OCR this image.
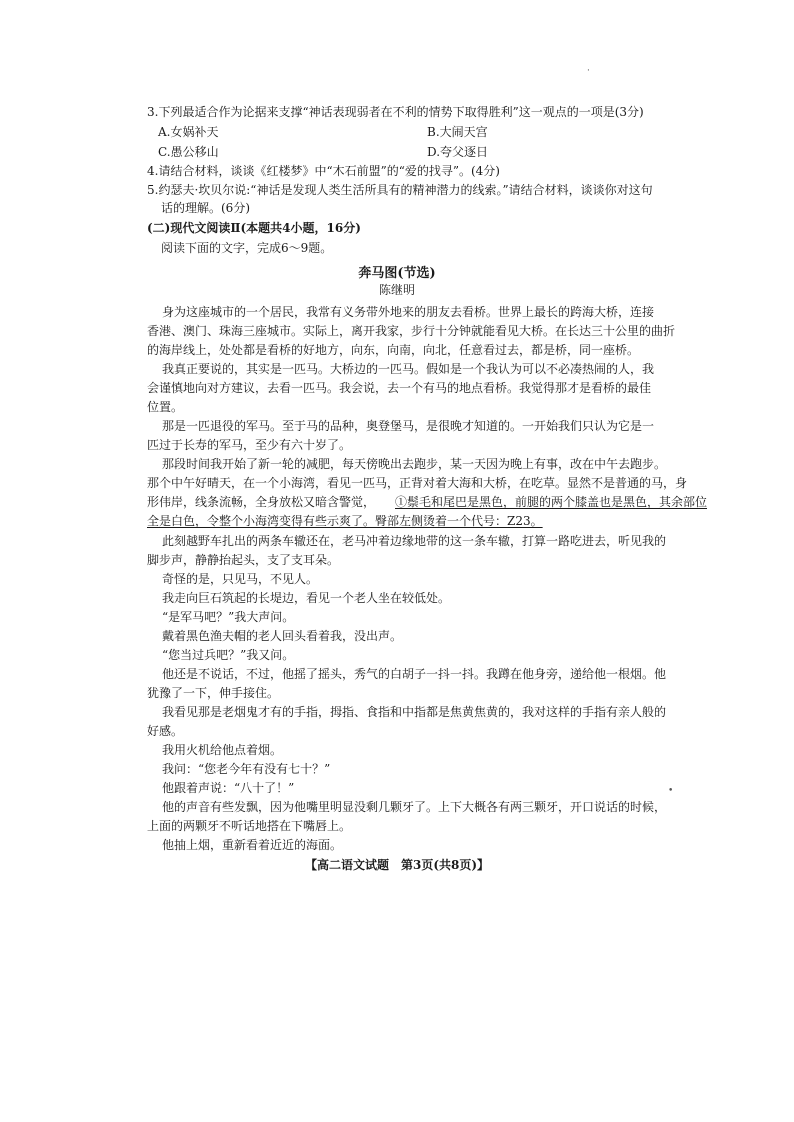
3.下列最适合作为论据来支撑“神话表现弱者在不利的情势下取得胜利”这一观点的一项是(3分)
A.女娲补天	B.大闹天宫
C.愚公移山	D.夸父逐日
4.请结合材料，谈谈《红楼梦》中“木石前盟”的“爱的找寻”。(4分)
5.约瑟夫·坎贝尔说:“神话是发现人类生活所具有的精神潜力的线索。”请结合材料，谈谈你对这句
话的理解。(6分)
(二)现代文阅读Ⅱ(本题共4小题，16分)
阅读下面的文字，完成6～9题。
奔马图(节选)
陈继明
身为这座城市的一个居民，我常有义务带外地来的朋友去看桥。世界上最长的跨海大桥，连接
香港、澳门、珠海三座城市。实际上，离开我家，步行十分钟就能看见大桥。在长达三十公里的曲折
的海岸线上，处处都是看桥的好地方，向东，向南，向北，任意看过去，都是桥，同一座桥。
我真正要说的，其实是一匹马。大桥边的一匹马。假如是一个我认为可以不必凑热闹的人，我
会谨慎地向对方建议，去看一匹马。我会说，去一个有马的地点看桥。我觉得那才是看桥的最佳
位置。
那是一匹退役的军马。至于马的品种，奥登堡马，是很晚才知道的。一开始我们只认为它是一
匹过于长寿的军马，至少有六十岁了。
那段时间我开始了新一轮的减肥，每天傍晚出去跑步，某一天因为晚上有事，改在中午去跑步。
那个中午好晴天，在一个小海湾，看见一匹马，正背对着大海和大桥，在吃草。显然不是普通的马，身
形伟岸，线条流畅，全身放松又暗含警觉， ①鬃毛和尾巴是黑色，前腿的两个膝盖也是黑色，其余部位
全是白色，令整个小海湾变得有些示爽了。臀部左侧烫着一个代号：Z23。
此刻越野车扎出的两条车辙还在，老马冲着边缘地带的这一条车辙，打算一路吃进去，听见我的
脚步声，静静抬起头，支了支耳朵。
奇怪的是，只见马，不见人。
我走向巨石筑起的长堤边，看见一个老人坐在较低处。
“是军马吧？”我大声问。
戴着黑色渔夫帽的老人回头看着我，没出声。
“您当过兵吧？”我又问。
他还是不说话，不过，他摇了摇头，秀气的白胡子一抖一抖。我蹲在他身旁，递给他一根烟。他
犹豫了一下，伸手接住。
我看见那是老烟鬼才有的手指，拇指、食指和中指都是焦黄焦黄的，我对这样的手指有亲人般的
好感。
我用火机给他点着烟。
我问：“您老今年有没有七十？”
他跟着声说：“八十了！”
他的声音有些发飘，因为他嘴里明显没剩几颗牙了。上下大概各有两三颗牙，开口说话的时候，
上面的两颗牙不听话地搭在下嘴唇上。
他抽上烟，重新看着近近的海面。
【高二语文试题　第3页(共8页)】
·
•
